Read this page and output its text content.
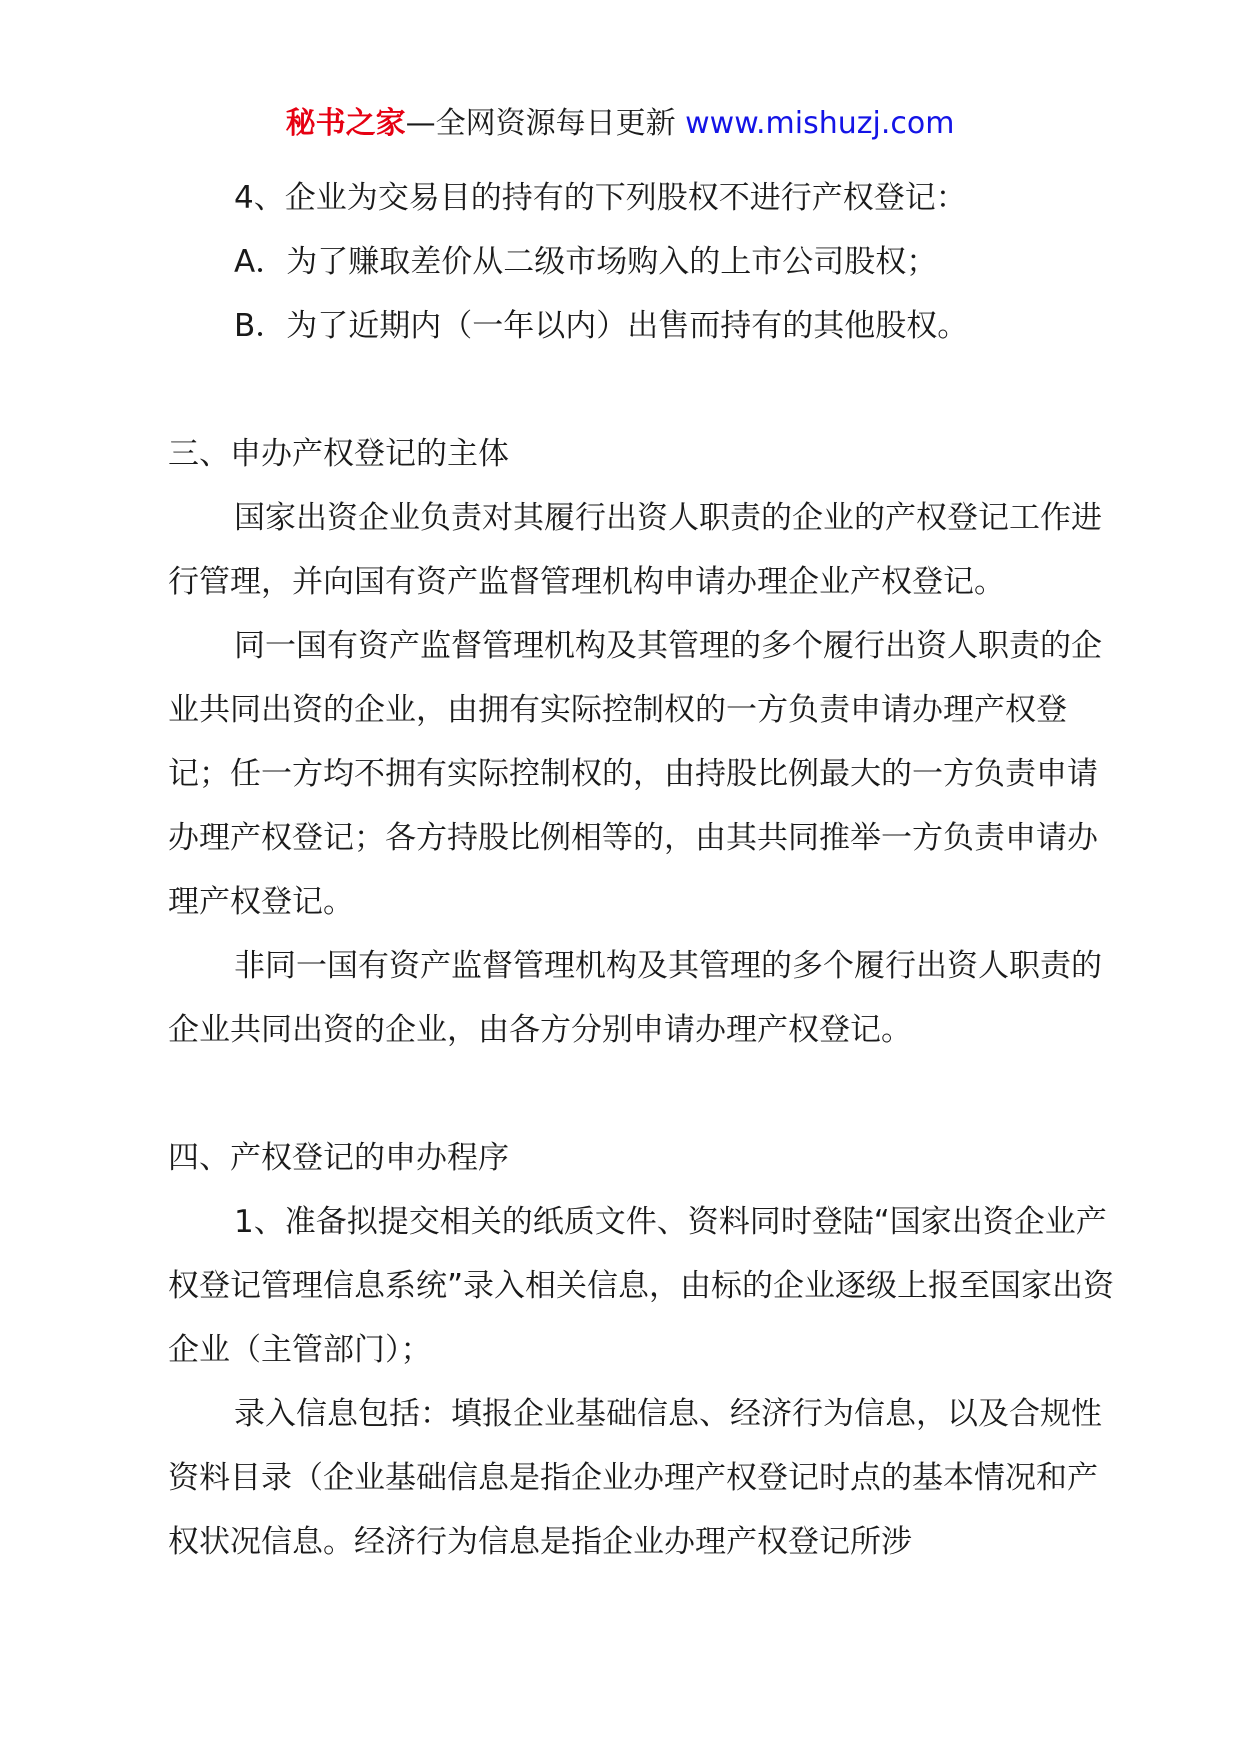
秘书之家—全网资源每日更新 www.mishuzj.com

4、企业为交易目的持有的下列股权不进行产权登记：

A．为了赚取差价从二级市场购入的上市公司股权；

B．为了近期内（一年以内）出售而持有的其他股权。

三、申办产权登记的主体

国家出资企业负责对其履行出资人职责的企业的产权登记工作进行管理，并向国有资产监督管理机构申请办理企业产权登记。

同一国有资产监督管理机构及其管理的多个履行出资人职责的企业共同出资的企业，由拥有实际控制权的一方负责申请办理产权登记；任一方均不拥有实际控制权的，由持股比例最大的一方负责申请办理产权登记；各方持股比例相等的，由其共同推举一方负责申请办理产权登记。

非同一国有资产监督管理机构及其管理的多个履行出资人职责的企业共同出资的企业，由各方分别申请办理产权登记。

四、产权登记的申办程序

1、准备拟提交相关的纸质文件、资料同时登陆“国家出资企业产权登记管理信息系统”录入相关信息，由标的企业逐级上报至国家出资企业（主管部门）；

录入信息包括：填报企业基础信息、经济行为信息，以及合规性资料目录（企业基础信息是指企业办理产权登记时点的基本情况和产权状况信息。经济行为信息是指企业办理产权登记所涉
